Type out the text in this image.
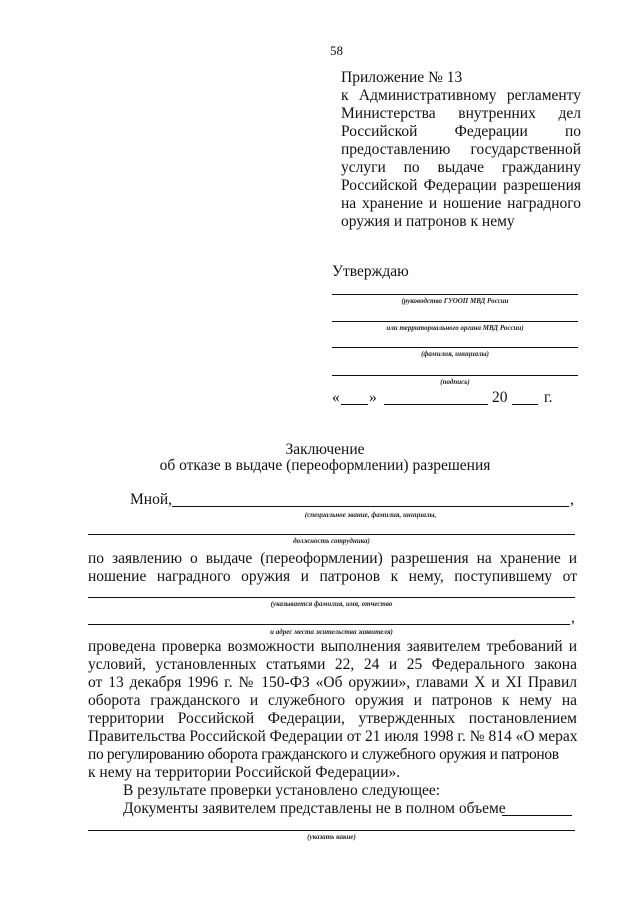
58
Приложение № 13
к Административному регламенту
Министерства внутренних дел
Российской Федерации по
предоставлению государственной
услуги по выдаче гражданину
Российской Федерации разрешения
на хранение и ношение наградного
оружия и патронов к нему
Утверждаю
(руководство ГУООП МВД России
или территориального органа МВД России)
(фамилия, инициалы)
(подпись)
« »	20 г.
Заключение
об отказе в выдаче (переоформлении) разрешения
Мной,	,
(специальное звание, фамилия, инициалы,
должность сотрудника)
по заявлению о выдаче (переоформлении) разрешения на хранение и
ношение наградного оружия и патронов к нему, поступившему от
(указывается фамилия, имя, отчество
,
и адрес места жительства заявителя)
проведена проверка возможности выполнения заявителем требований и
условий, установленных статьями 22, 24 и 25 Федерального закона
от 13 декабря 1996 г. № 150-ФЗ «Об оружии», главами X и XI Правил
оборота гражданского и служебного оружия и патронов к нему на
территории Российской Федерации, утвержденных постановлением
Правительства Российской Федерации от 21 июля 1998 г. № 814 «О мерах
по регулированию оборота гражданского и служебного оружия и патронов
к нему на территории Российской Федерации».
В результате проверки установлено следующее:
Документы заявителем представлены не в полном объеме
(указать какие)
